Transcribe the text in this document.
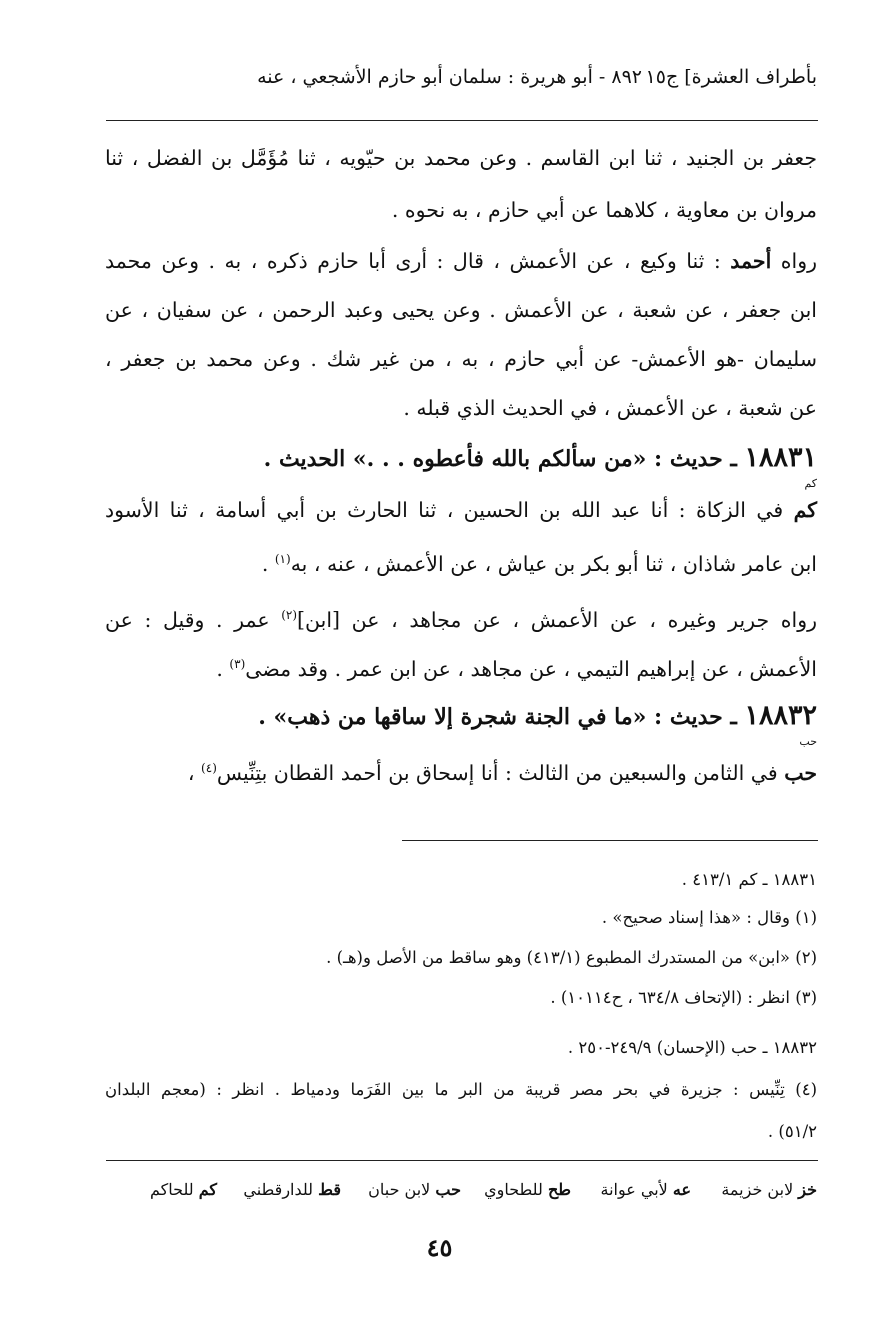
بأطراف العشرة] ج١٥
٨٩٢ - أبو هريرة : سلمان أبو حازم الأشجعي ، عنه
جعفر بن الجنيد ، ثنا ابن القاسم . وعن محمد بن حيّويه ، ثنا مُؤَمَّل بن الفضل ، ثنا
مروان بن معاوية ، كلاهما عن أبي حازم ، به نحوه .
رواه أحمد : ثنا وكيع ، عن الأعمش ، قال : أرى أبا حازم ذكره ، به . وعن محمد
ابن جعفر ، عن شعبة ، عن الأعمش . وعن يحيى وعبد الرحمن ، عن سفيان ، عن
سليمان -هو الأعمش- عن أبي حازم ، به ، من غير شك . وعن محمد بن جعفر ،
عن شعبة ، عن الأعمش ، في الحديث الذي قبله .
١٨٨٣١
كم
ـ حديث : «من سألكم بالله فأعطوه . . .» الحديث .
كم في الزكاة : أنا عبد الله بن الحسين ، ثنا الحارث بن أبي أسامة ، ثنا الأسود
ابن عامر شاذان ، ثنا أبو بكر بن عياش ، عن الأعمش ، عنه ، به$^{(١)}$ .
رواه جرير وغيره ، عن الأعمش ، عن مجاهد ، عن [ابن]$^{(٢)}$ عمر . وقيل : عن
الأعمش ، عن إبراهيم التيمي ، عن مجاهد ، عن ابن عمر . وقد مضى$^{(٣)}$ .
١٨٨٣٢
حب
ـ حديث : «ما في الجنة شجرة إلا ساقها من ذهب» .
حب في الثامن والسبعين من الثالث : أنا إسحاق بن أحمد القطان بتِنِّيس$^{(٤)}$ ،
١٨٨٣١ ـ كم ٤١٣/١ .
(١) وقال : «هذا إسناد صحيح» .
(٢) «ابن» من المستدرك المطبوع (٤١٣/١) وهو ساقط من الأصل و(هـ) .
(٣) انظر : (الإتحاف ٦٣٤/٨ ، ح١٠١١٤) .
١٨٨٣٢ ـ حب (الإحسان) ٢٤٩/٩-٢٥٠ .
(٤) تِنِّيس : جزيرة في بحر مصر قريبة من البر ما بين الفَرَما ودمياط . انظر : (معجم البلدان
٥١/٢) .
خز لابن خزيمة
عه لأبي عوانة
طح للطحاوي
حب لابن حبان
قط للدارقطني
كم للحاكم
٤٥
